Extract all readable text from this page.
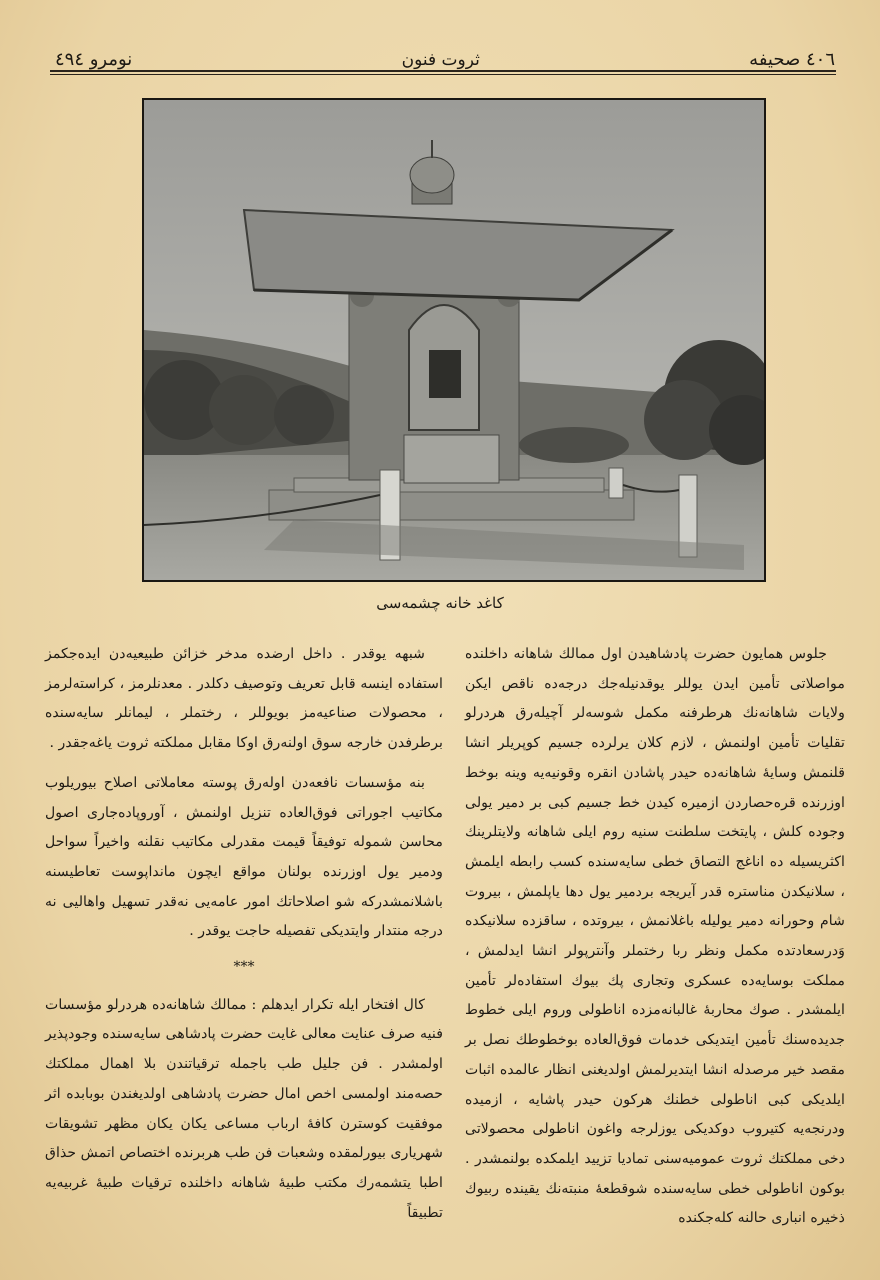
نومرو ٤٩٤	ثروت فنون	٤٠٦ صحيفه
كاغد خانه چشمه‌سى

جلوس همايون حضرت پادشاهيدن اول ممالك شاهانه داخلنده مواصلاتى تأمين ايدن يوللر يوقدنيله‌جك درجه‌ده ناقص ايكن ولايات شاهانه‌نك هرطرفنه مكمل شوسه‌لر آچيله‌رق هردرلو تقليات تأمين اولنمش ، لازم كلان يرلرده جسيم كوپريلر انشا قلنمش وسايهٔ شاهانه‌ده حيدر پاشادن انقره وقونيه‌يه وينه بوخط اوزرنده قره‌حصاردن ازميره كيدن خط جسيم كبى بر دمير يولى وجوده كلش ، پايتخت سلطنت سنيه روم ايلى شاهانه ولايتلرينك اكثريسيله ده اناغج التصاق خطى سايه‌سنده كسب رابطه ايلمش ، سلانيكدن مناستره قدر آيريجه بردمير يول دها ياپلمش ، بيروت شام وحورانه دمير يوليله باغلانمش ، بيروتده ، ساقزده سلانيكده وَدرسعادتده مكمل ونظر ربا رختملر وآنترپولر انشا ايدلمش ، مملكت بوسايه‌ده عسكرى وتجارى پك بيوك استفاده‌لر تأمين ايلمشدر . صوك محاربهٔ غالبانه‌مزده اناطولى وروم ايلى خطوط جديده‌سنك تأمين ايتديكى خدمات فوق‌العاده بوخطوطك نصل بر مقصد خير مرصدله انشا ايتديرلمش اولديغنى انظار عالمده اثبات ايلديكى كبى اناطولى خطنك هركون حيدر پاشايه ، ازميده ودرنجه‌يه كتيروب دوكديكى يوزلرجه واغون اناطولى محصولاتى دخى مملكتك ثروت عموميه‌سنى تماديا تزييد ايلمكده بولنمشدر . بوكون اناطولى خطى سايه‌سنده شوقطعهٔ منبته‌نك يقينده ربيوك ذخيره انبارى حالنه كله‌جكنده

شبهه يوقدر . داخل ارضده مدخر خزائن طبيعيه‌دن ايده‌جكمز استفاده اينسه قابل تعريف وتوصيف دكلدر . معدنلرمز ، كراسته‌لرمز ، محصولات صناعيه‌مز بويوللر ، رختملر ، ليمانلر سايه‌سنده برطرفدن خارجه سوق اولنه‌رق اوكا مقابل مملكته ثروت ياغه‌جقدر .

بنه مؤسسات نافعه‌دن اوله‌رق پوسته معاملاتى اصلاح بيوريلوب مكاتيب اجوراتى فوق‌العاده تنزيل اولنمش ، آوروپاده‌جارى اصول محاسن شموله توفيقاً قيمت مقدرلى مكاتيب نقلنه واخيراً سواحل ودمير يول اوزرنده بولنان مواقع ايچون مانداپوست تعاطيسنه باشلانمشدركه شو اصلاحاتك امور عامه‌يى نه‌قدر تسهيل واهاليى نه درجه منتدار وايتديكى تفصيله حاجت يوقدر .

***

كال افتخار ايله تكرار ايدهلم : ممالك شاهانه‌ده هردرلو مؤسسات فنيه صرف عنايت معالى غايت حضرت پادشاهى سايه‌سنده وجودپذير اولمشدر . فن جليل طب باجمله ترقياتندن بلا اهمال مملكتك حصه‌مند اولمسى اخص امال حضرت پادشاهى اولديغندن بوبابده اثر موفقيت كوسترن كافهٔ ارباب مساعى يكان يكان مظهر تشويقات شهريارى بيورلمقده وشعبات فن طب هربرنده اختصاص اتمش حذاق اطبا يتشمه‌رك مكتب طبيهٔ شاهانه داخلنده ترقيات طبيهٔ غربيه‌يه تطبيقاً
